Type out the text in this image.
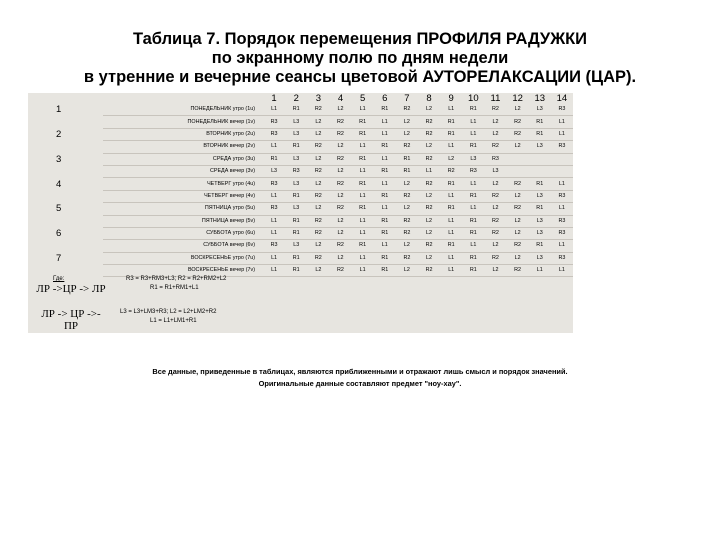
Таблица 7. Порядок перемещения ПРОФИЛЯ РАДУЖКИ
по экранному полю по дням недели
в утренние и вечерние сеансы цветовой АУТОРЕЛАКСАЦИИ (ЦАР).
		1	2	3	4	5	6	7	8	9	10	11	12	13	14
1	ПОНЕДЕЛЬНИК утро (1u)	L1	R1	R2	L2	L1	R1	R2	L2	L1	R1	R2	L2	L3	R3
	ПОНЕДЕЛЬНИК вечер (1v)	R3	L3	L2	R2	R1	L1	L2	R2	R1	L1	L2	R2	R1	L1
2	ВТОРНИК утро (2u)	R3	L3	L2	R2	R1	L1	L2	R2	R1	L1	L2	R2	R1	L1
	ВТОРНИК вечер (2v)	L1	R1	R2	L2	L1	R1	R2	L2	L1	R1	R2	L2	L3	R3
3	СРЕДА утро (3u)	R1	L3	L2	R2	R1	L1	R1	R2	L2	L3	R3			
	СРЕДА вечер (3v)	L3	R3	R2	L2	L1	R1	R1	L1	R2	R3	L3			
4	ЧЕТВЕРГ утро (4u)	R3	L3	L2	R2	R1	L1	L2	R2	R1	L1	L2	R2	R1	L1
	ЧЕТВЕРГ вечер (4v)	L1	R1	R2	L2	L1	R1	R2	L2	L1	R1	R2	L2	L3	R3
5	ПЯТНИЦА утро (5u)	R3	L3	L2	R2	R1	L1	L2	R2	R1	L1	L2	R2	R1	L1
	ПЯТНИЦА вечер (5v)	L1	R1	R2	L2	L1	R1	R2	L2	L1	R1	R2	L2	L3	R3
6	СУББОТА утро (6u)	L1	R1	R2	L2	L1	R1	R2	L2	L1	R1	R2	L2	L3	R3
	СУББОТА вечер (6v)	R3	L3	L2	R2	R1	L1	L2	R2	R1	L1	L2	R2	R1	L1
7	ВОСКРЕСЕНЬЕ утро (7u)	L1	R1	R2	L2	L1	R1	R2	L2	L1	R1	R2	L2	L3	R3
	ВОСКРЕСЕНЬЕ вечер (7v)	L1	R1	L2	R2	L1	R1	L2	R2	L1	R1	L2	R2	L1	L1
Где:
ЛР ->ЦР -> ЛР
ЛР -> ЦР ->- ПР
R3 = R3+RM3+L3; R2 = R2+RM2+L2
R1 = R1+RM1+L1
L3 = L3+LM3+R3; L2 = L2+LM2+R2
L1 = L1+LM1+R1
Все данные, приведенные в таблицах, являются приближенными и отражают лишь смысл и порядок значений.
Оригинальные данные составляют предмет "ноу-хау".
